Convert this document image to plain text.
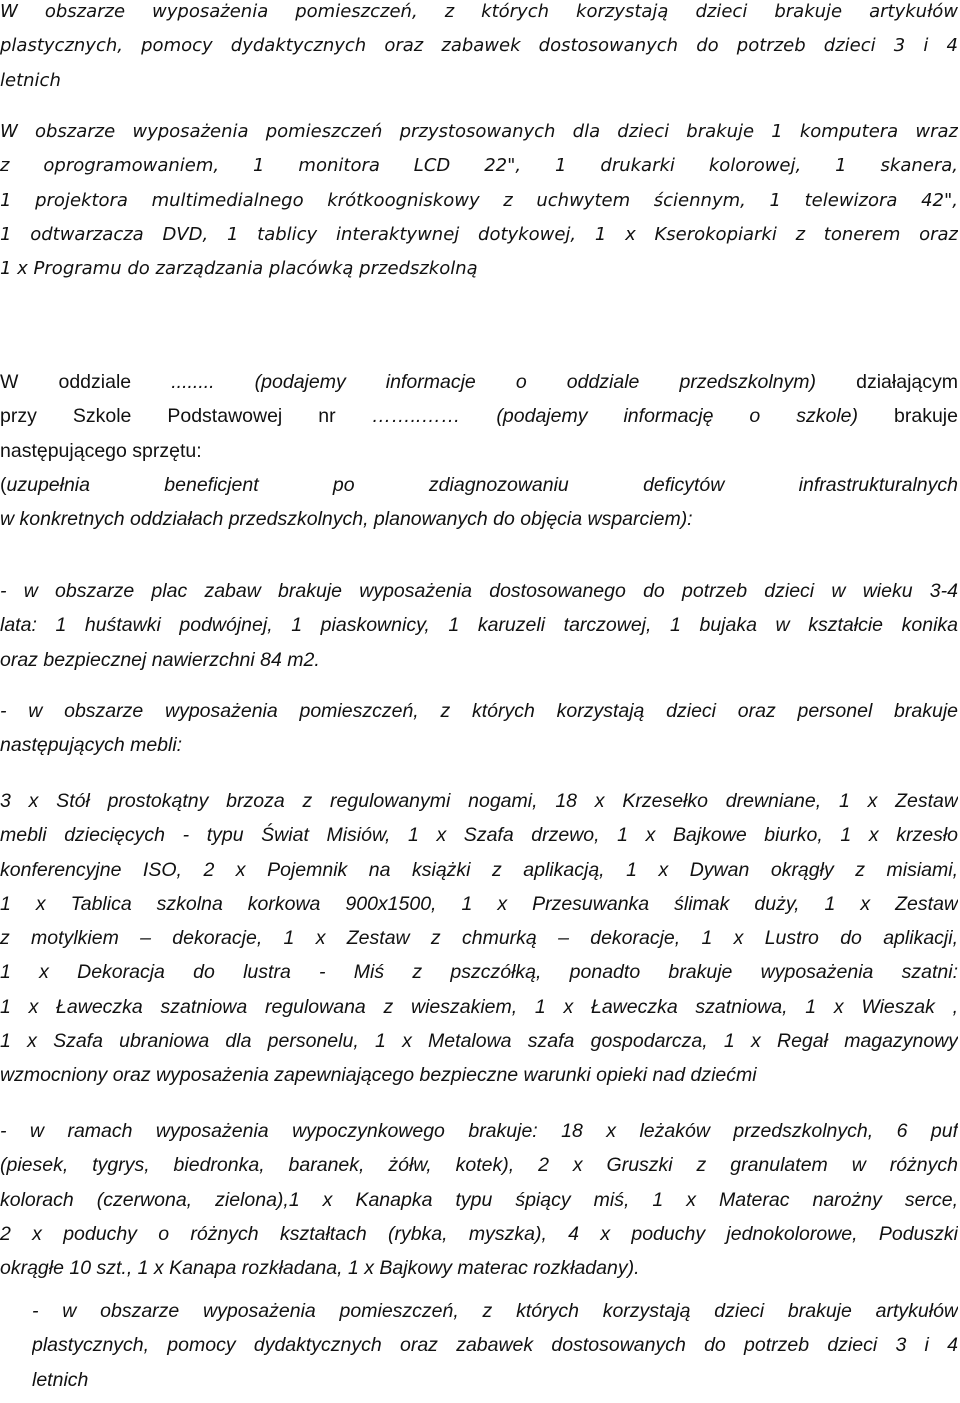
W obszarze wyposażenia pomieszczeń, z których korzystają dzieci brakuje artykułów
plastycznych, pomocy dydaktycznych oraz zabawek dostosowanych do potrzeb dzieci 3 i 4
letnich
W obszarze wyposażenia pomieszczeń przystosowanych dla dzieci brakuje 1 komputera wraz
z oprogramowaniem, 1 monitora LCD 22", 1 drukarki kolorowej, 1 skanera,
1 projektora multimedialnego krótkoogniskowy z uchwytem ściennym, 1 telewizora 42",
1 odtwarzacza DVD, 1 tablicy interaktywnej dotykowej, 1 x Kserokopiarki z tonerem oraz
1 x Programu do zarządzania placówką przedszkolną
W oddziale ........ (podajemy informacje o oddziale przedszkolnym) działającym
przy Szkole Podstawowej nr ……..…… (podajemy informację o szkole) brakuje
następującego sprzętu:
(uzupełnia beneficjent po zdiagnozowaniu deficytów infrastrukturalnych
w konkretnych oddziałach przedszkolnych, planowanych do objęcia wsparciem):
- w obszarze plac zabaw brakuje wyposażenia dostosowanego do potrzeb dzieci w wieku 3-4
lata: 1 huśtawki podwójnej, 1 piaskownicy, 1 karuzeli tarczowej, 1 bujaka w kształcie konika
oraz bezpiecznej nawierzchni 84 m2.
- w obszarze wyposażenia pomieszczeń, z których korzystają dzieci oraz personel brakuje
następujących mebli:
3 x Stół prostokątny brzoza z regulowanymi nogami, 18 x Krzesełko drewniane, 1 x Zestaw
mebli dziecięcych - typu Świat Misiów, 1 x Szafa drzewo, 1 x Bajkowe biurko, 1 x krzesło
konferencyjne ISO, 2 x Pojemnik na książki z aplikacją, 1 x Dywan okrągły z misiami,
1 x Tablica szkolna korkowa 900x1500, 1 x Przesuwanka ślimak duży, 1 x Zestaw
z motylkiem – dekoracje, 1 x Zestaw z chmurką – dekoracje, 1 x Lustro do aplikacji,
1 x Dekoracja do lustra - Miś z pszczółką, ponadto brakuje wyposażenia szatni:
1 x Ławeczka szatniowa regulowana z wieszakiem, 1 x Ławeczka szatniowa, 1 x Wieszak ,
1 x Szafa ubraniowa dla personelu, 1 x Metalowa szafa gospodarcza, 1 x Regał magazynowy
wzmocniony oraz wyposażenia zapewniającego bezpieczne warunki opieki nad dziećmi
- w ramach wyposażenia wypoczynkowego brakuje: 18 x leżaków przedszkolnych, 6 puf
(piesek, tygrys, biedronka, baranek, żółw, kotek), 2 x Gruszki z granulatem w różnych
kolorach (czerwona, zielona),1 x Kanapka typu śpiący miś, 1 x Materac narożny serce,
2 x poduchy o różnych kształtach (rybka, myszka), 4 x poduchy jednokolorowe, Poduszki
okrągłe 10 szt., 1 x Kanapa rozkładana, 1 x Bajkowy materac rozkładany).
- w obszarze wyposażenia pomieszczeń, z których korzystają dzieci brakuje artykułów
plastycznych, pomocy dydaktycznych oraz zabawek dostosowanych do potrzeb dzieci 3 i 4
letnich
